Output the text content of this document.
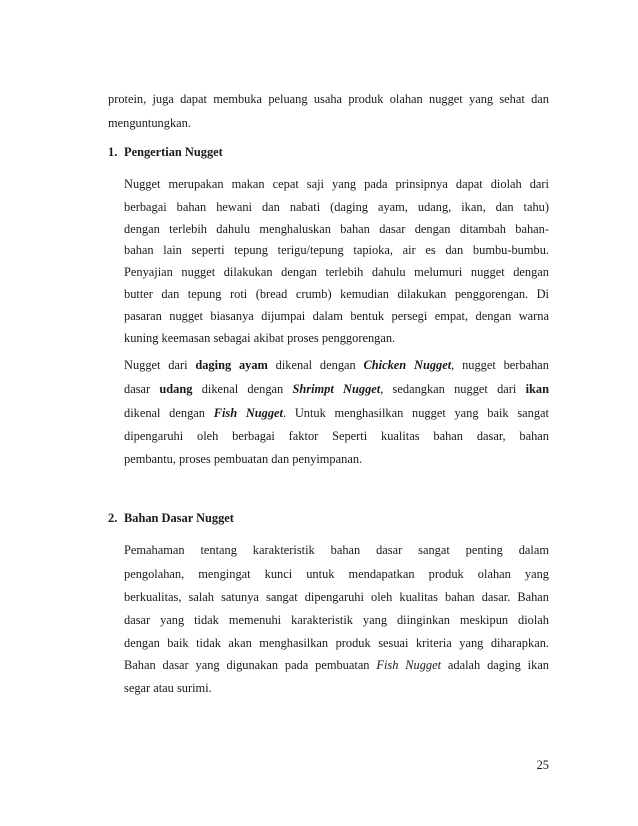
protein, juga dapat membuka peluang usaha produk olahan nugget yang sehat dan
menguntungkan.
1. Pengertian Nugget
Nugget merupakan makan cepat saji yang pada prinsipnya dapat diolah dari
berbagai bahan hewani dan nabati (daging ayam, udang, ikan, dan tahu)
dengan terlebih dahulu menghaluskan bahan dasar dengan ditambah bahan-
bahan lain seperti tepung terigu/tepung tapioka, air es dan bumbu-bumbu.
Penyajian nugget dilakukan dengan terlebih dahulu melumuri nugget dengan
butter dan tepung roti (bread crumb) kemudian dilakukan penggorengan. Di
pasaran nugget biasanya dijumpai dalam bentuk persegi empat, dengan warna
kuning keemasan sebagai akibat proses penggorengan.
Nugget dari daging ayam dikenal dengan Chicken Nugget, nugget berbahan
dasar udang dikenal dengan Shrimpt Nugget, sedangkan nugget dari ikan
dikenal dengan Fish Nugget. Untuk menghasilkan nugget yang baik sangat
dipengaruhi oleh berbagai faktor Seperti kualitas bahan dasar, bahan
pembantu, proses pembuatan dan penyimpanan.
2. Bahan Dasar Nugget
Pemahaman tentang karakteristik bahan dasar sangat penting dalam
pengolahan, mengingat kunci untuk mendapatkan produk olahan yang
berkualitas, salah satunya sangat dipengaruhi oleh kualitas bahan dasar. Bahan
dasar yang tidak memenuhi karakteristik yang diinginkan meskipun diolah
dengan baik tidak akan menghasilkan produk sesuai kriteria yang diharapkan.
Bahan dasar yang digunakan pada pembuatan Fish Nugget adalah daging ikan
segar atau surimi.
25
